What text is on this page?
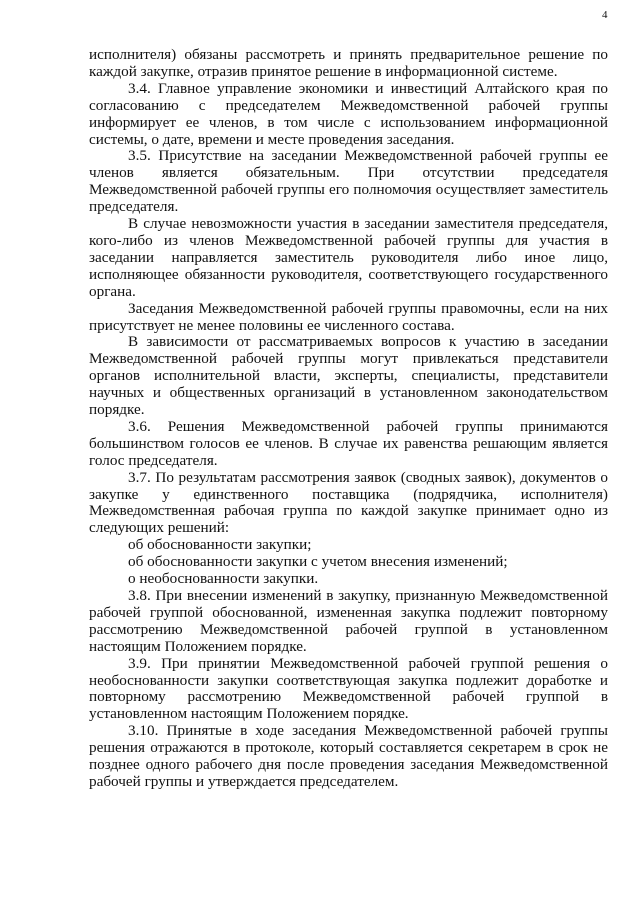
4

исполнителя) обязаны рассмотреть и принять предварительное решение по каждой закупке, отразив принятое решение в информационной системе.

3.4. Главное управление экономики и инвестиций Алтайского края по согласованию с председателем Межведомственной рабочей группы информирует ее членов, в том числе с использованием информационной системы, о дате, времени и месте проведения заседания.

3.5. Присутствие на заседании Межведомственной рабочей группы ее членов является обязательным. При отсутствии председателя Межведомственной рабочей группы его полномочия осуществляет заместитель председателя.

В случае невозможности участия в заседании заместителя председателя, кого-либо из членов Межведомственной рабочей группы для участия в заседании направляется заместитель руководителя либо иное лицо, исполняющее обязанности руководителя, соответствующего государственного органа.

Заседания Межведомственной рабочей группы правомочны, если на них присутствует не менее половины ее численного состава.

В зависимости от рассматриваемых вопросов к участию в заседании Межведомственной рабочей группы могут привлекаться представители органов исполнительной власти, эксперты, специалисты, представители научных и общественных организаций в установленном законодательством порядке.

3.6. Решения Межведомственной рабочей группы принимаются большинством голосов ее членов. В случае их равенства решающим является голос председателя.

3.7. По результатам рассмотрения заявок (сводных заявок), документов о закупке у единственного поставщика (подрядчика, исполнителя) Межведомственная рабочая группа по каждой закупке принимает одно из следующих решений:

об обоснованности закупки;

об обоснованности закупки с учетом внесения изменений;

о необоснованности закупки.

3.8. При внесении изменений в закупку, признанную Межведомственной рабочей группой обоснованной, измененная закупка подлежит повторному рассмотрению Межведомственной рабочей группой в установленном настоящим Положением порядке.

3.9. При принятии Межведомственной рабочей группой решения о необоснованности закупки соответствующая закупка подлежит доработке и повторному рассмотрению Межведомственной рабочей группой в установленном настоящим Положением порядке.

3.10. Принятые в ходе заседания Межведомственной рабочей группы решения отражаются в протоколе, который составляется секретарем в срок не позднее одного рабочего дня после проведения заседания Межведомственной рабочей группы и утверждается председателем.
